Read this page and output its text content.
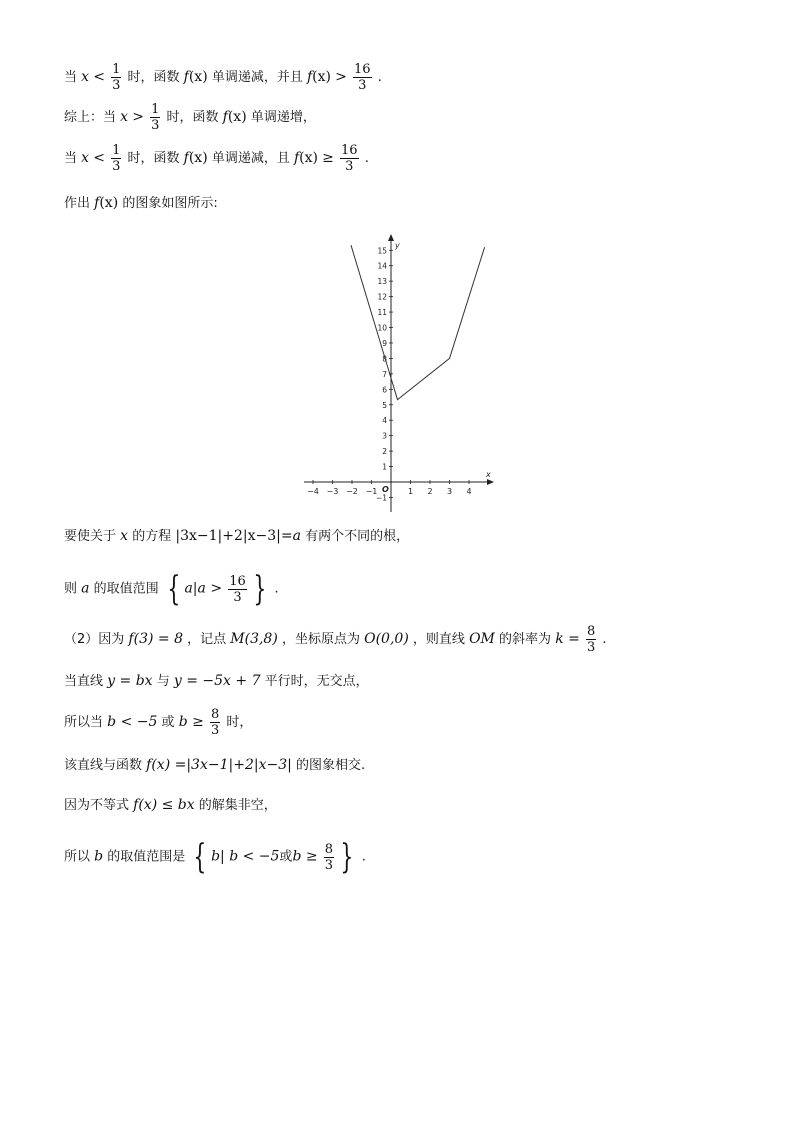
当 $x < \frac{1}{3}$ 时，函数 f(x) 单调递减，并且 $f(x) > \frac{16}{3}$ .
综上：当 $x > \frac{1}{3}$ 时，函数 f(x) 单调递增，
当 $x < \frac{1}{3}$ 时，函数 f(x) 单调递减，且 $f(x) \ge \frac{16}{3}$ .
作出 f(x) 的图象如图所示:
−4 −3 −2 −1	1 2 3 4
−1
1
2
3
4
5
6
7
8
9
10
11
12
13
14
15
x
y
O
要使关于 x 的方程 |3x−1|+2|x−3|=a 有两个不同的根，
则 a 的取值范围 { $a|a > \frac{16}{3}$ } .
（2）因为 f(3) = 8 ，记点 M(3,8) ，坐标原点为 O(0,0) ，则直线 OM 的斜率为 $k = \frac{8}{3}$ .
当直线 y = bx 与 y = −5x + 7 平行时，无交点，
所以当 b < −5 或 $b \ge \frac{8}{3}$ 时，
该直线与函数 f(x) =|3x−1|+2|x−3| 的图象相交.
因为不等式 f(x) ≤ bx 的解集非空，
所以 b 的取值范围是 { b| b < −5或$b \ge \frac{8}{3}$ } .
